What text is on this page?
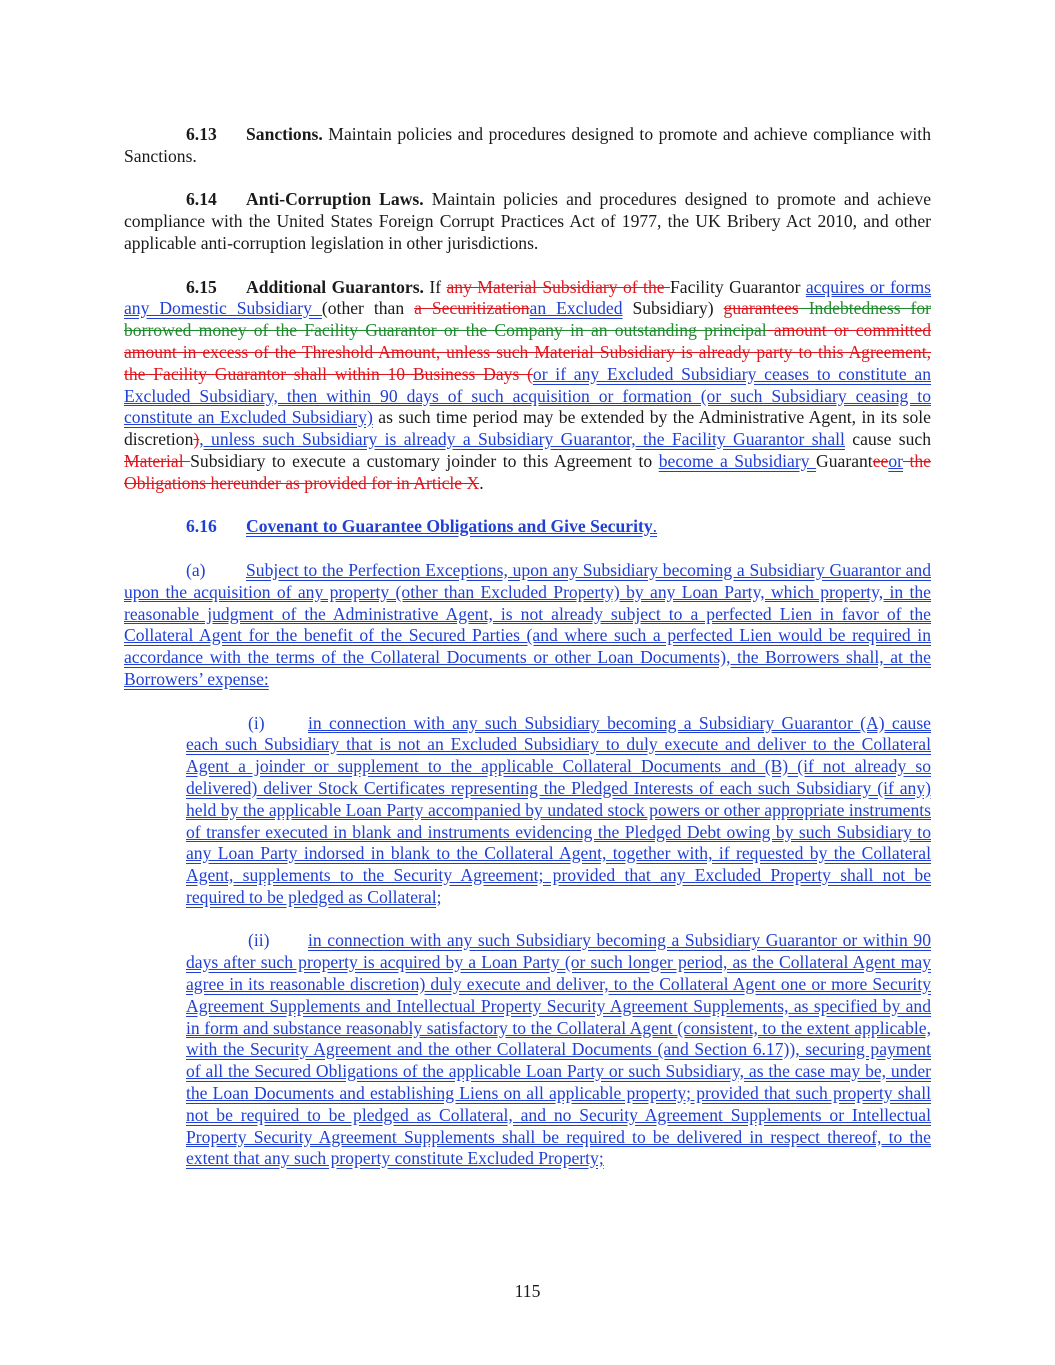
6.13 Sanctions. Maintain policies and procedures designed to promote and achieve compliance with Sanctions.

6.14 Anti-Corruption Laws. Maintain policies and procedures designed to promote and achieve compliance with the United States Foreign Corrupt Practices Act of 1977, the UK Bribery Act 2010, and other applicable anti-corruption legislation in other jurisdictions.

6.15 Additional Guarantors. If any Material Subsidiary of the Facility Guarantor acquires or forms any Domestic Subsidiary (other than a Securitizationan Excluded Subsidiary) guarantees Indebtedness for borrowed money of the Facility Guarantor or the Company in an outstanding principal amount or committed amount in excess of the Threshold Amount, unless such Material Subsidiary is already party to this Agreement, the Facility Guarantor shall within 10 Business Days (or if any Excluded Subsidiary ceases to constitute an Excluded Subsidiary, then within 90 days of such acquisition or formation (or such Subsidiary ceasing to constitute an Excluded Subsidiary) as such time period may be extended by the Administrative Agent, in its sole discretion), unless such Subsidiary is already a Subsidiary Guarantor, the Facility Guarantor shall cause such Material Subsidiary to execute a customary joinder to this Agreement to become a Subsidiary Guaranteeor the Obligations hereunder as provided for in Article X.

6.16 Covenant to Guarantee Obligations and Give Security.

(a) Subject to the Perfection Exceptions, upon any Subsidiary becoming a Subsidiary Guarantor and upon the acquisition of any property (other than Excluded Property) by any Loan Party, which property, in the reasonable judgment of the Administrative Agent, is not already subject to a perfected Lien in favor of the Collateral Agent for the benefit of the Secured Parties (and where such a perfected Lien would be required in accordance with the terms of the Collateral Documents or other Loan Documents), the Borrowers shall, at the Borrowers’ expense:

(i) in connection with any such Subsidiary becoming a Subsidiary Guarantor (A) cause each such Subsidiary that is not an Excluded Subsidiary to duly execute and deliver to the Collateral Agent a joinder or supplement to the applicable Collateral Documents and (B) (if not already so delivered) deliver Stock Certificates representing the Pledged Interests of each such Subsidiary (if any) held by the applicable Loan Party accompanied by undated stock powers or other appropriate instruments of transfer executed in blank and instruments evidencing the Pledged Debt owing by such Subsidiary to any Loan Party indorsed in blank to the Collateral Agent, together with, if requested by the Collateral Agent, supplements to the Security Agreement; provided that any Excluded Property shall not be required to be pledged as Collateral;

(ii) in connection with any such Subsidiary becoming a Subsidiary Guarantor or within 90 days after such property is acquired by a Loan Party (or such longer period, as the Collateral Agent may agree in its reasonable discretion) duly execute and deliver, to the Collateral Agent one or more Security Agreement Supplements and Intellectual Property Security Agreement Supplements, as specified by and in form and substance reasonably satisfactory to the Collateral Agent (consistent, to the extent applicable, with the Security Agreement and the other Collateral Documents (and Section 6.17)), securing payment of all the Secured Obligations of the applicable Loan Party or such Subsidiary, as the case may be, under the Loan Documents and establishing Liens on all applicable property; provided that such property shall not be required to be pledged as Collateral, and no Security Agreement Supplements or Intellectual Property Security Agreement Supplements shall be required to be delivered in respect thereof, to the extent that any such property constitute Excluded Property;

115
